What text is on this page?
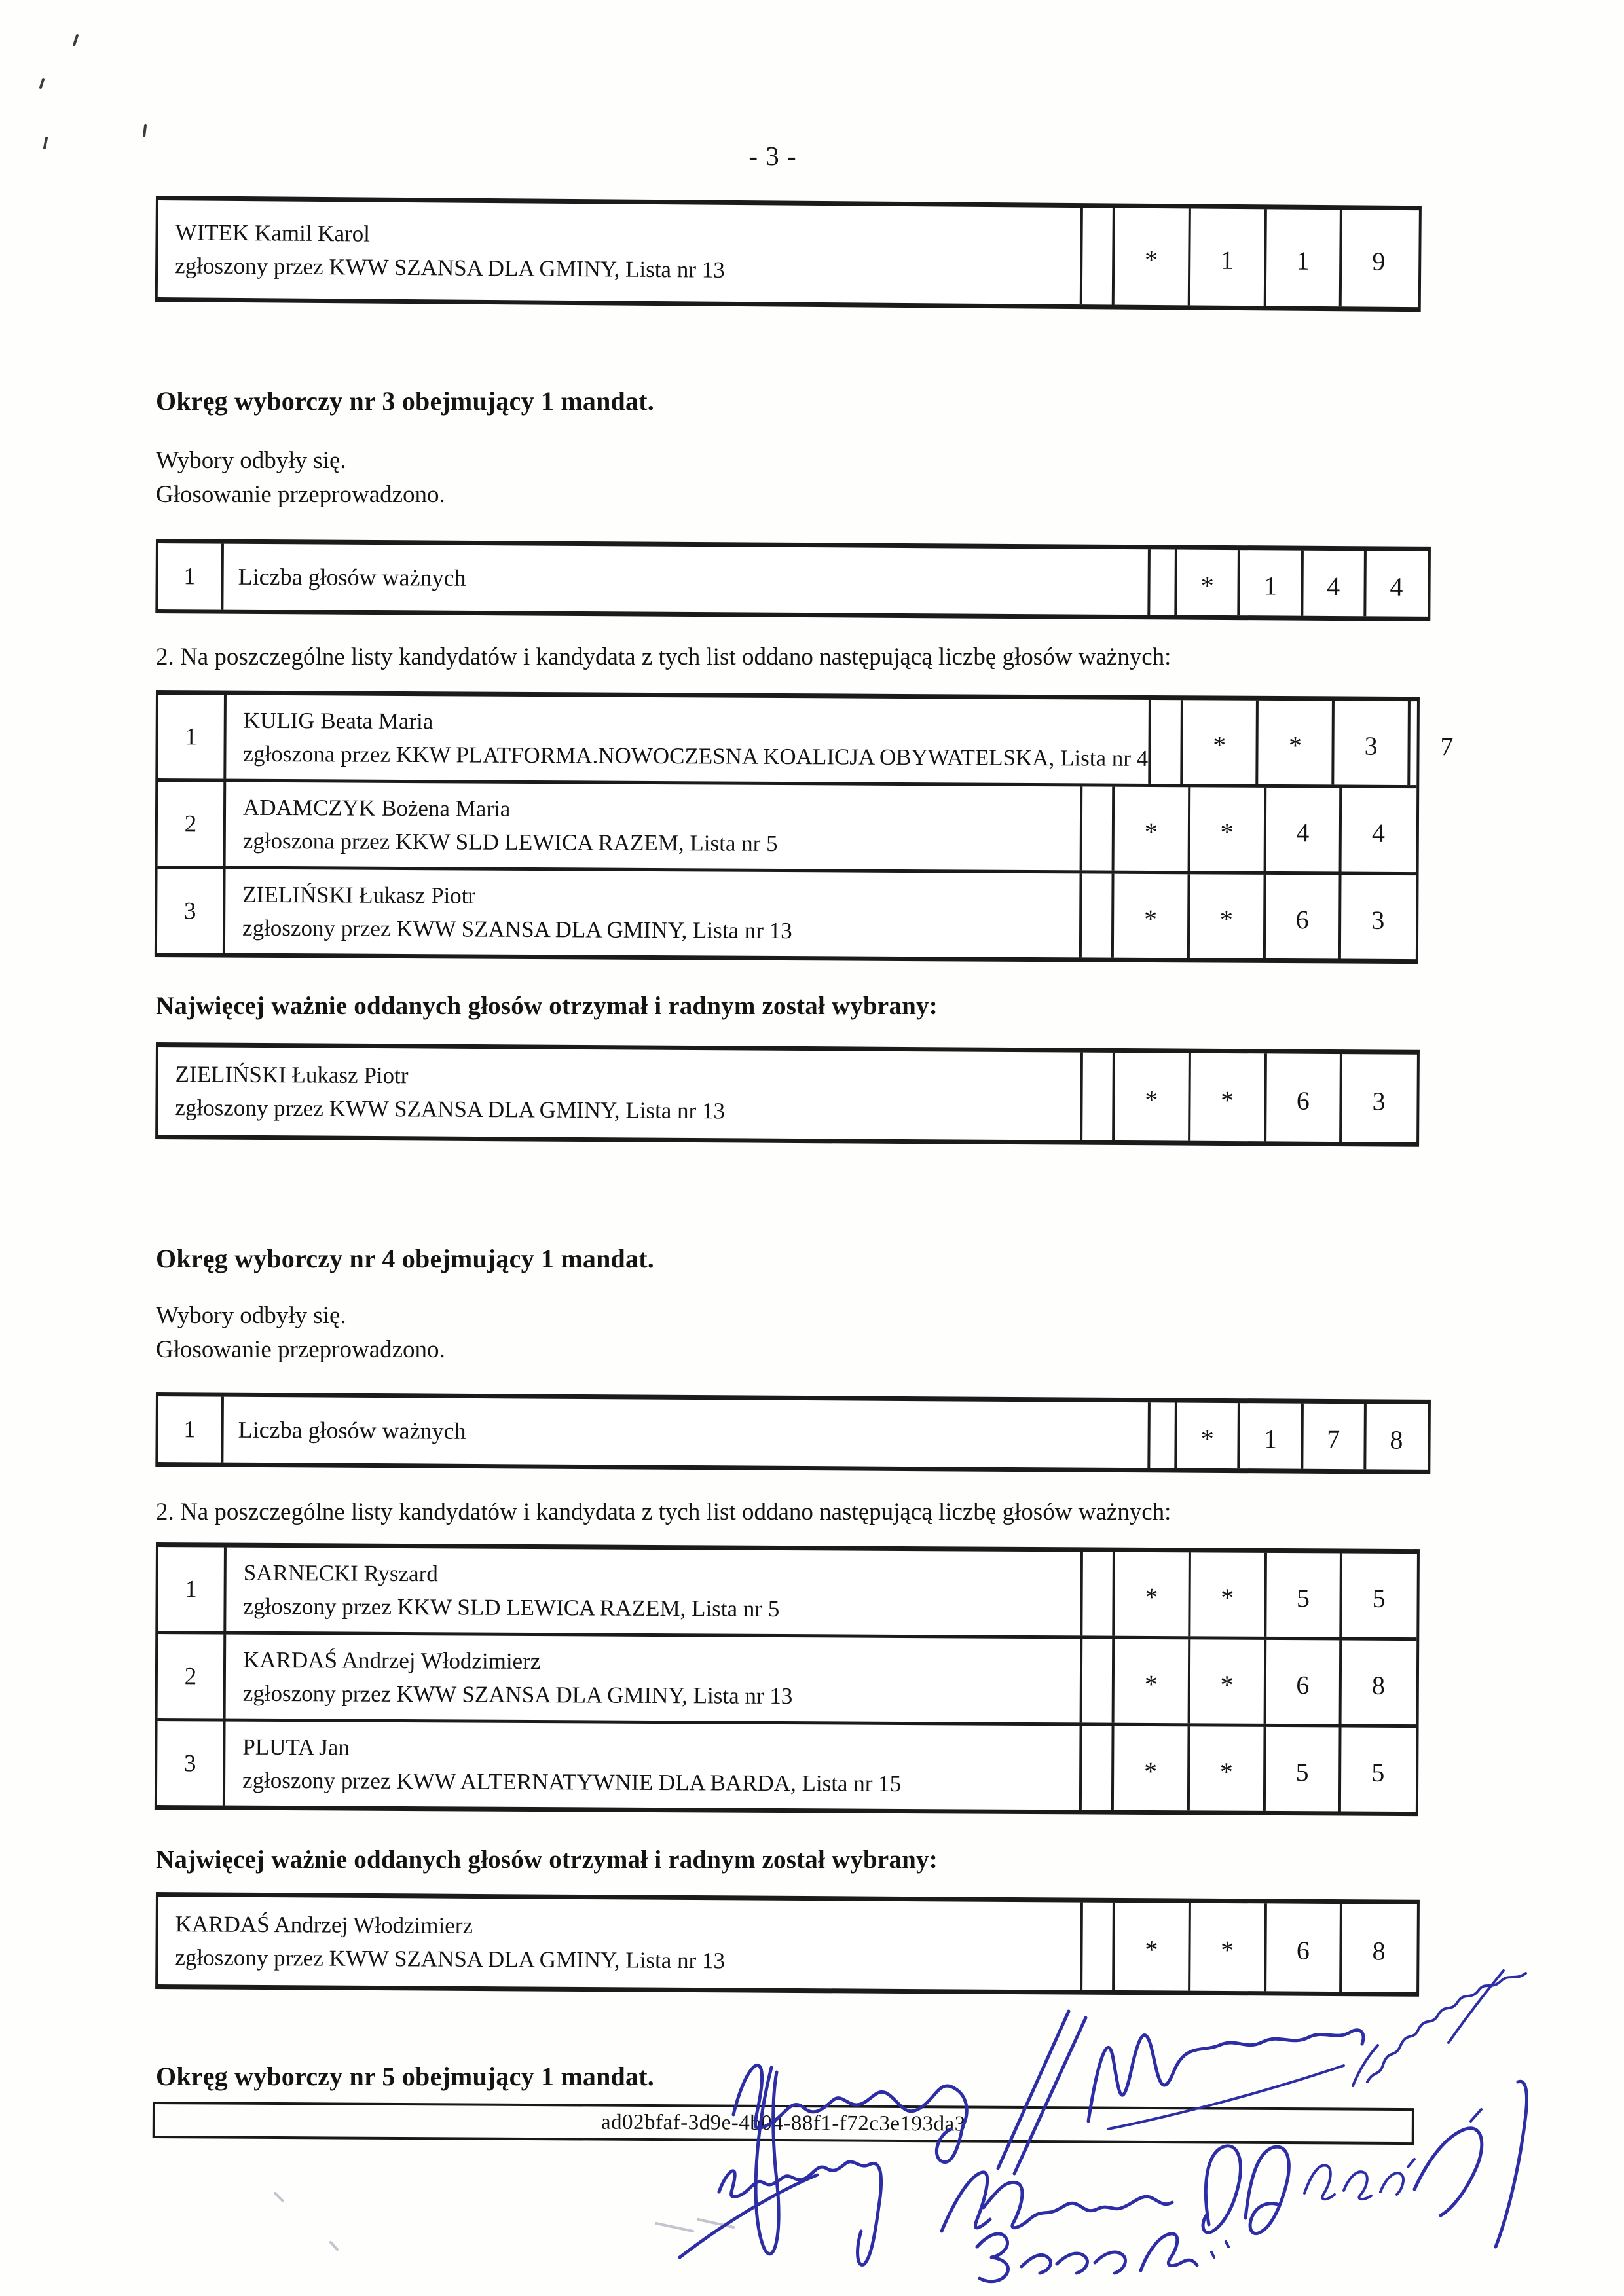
- 3 -
WITEK Kamil Karol
zgłoszony przez KWW SZANSA DLA GMINY, Lista nr 13	* 1 1 9
Okręg wyborczy nr 3 obejmujący 1 mandat.
Wybory odbyły się.
Głosowanie przeprowadzono.
1	Liczba głosów ważnych	* 1 4 4
2. Na poszczególne listy kandydatów i kandydata z tych list oddano następującą liczbę głosów ważnych:
1
KULIG Beata Maria
zgłoszona przez KKW PLATFORMA.NOWOCZESNA KOALICJA OBYWATELSKA, Lista nr 4 * * 3 7
2
ADAMCZYK Bożena Maria
zgłoszona przez KKW SLD LEWICA RAZEM, Lista nr 5	* * 4 4
3
ZIELIŃSKI Łukasz Piotr
zgłoszony przez KWW SZANSA DLA GMINY, Lista nr 13	* * 6 3
Najwięcej ważnie oddanych głosów otrzymał i radnym został wybrany:
ZIELIŃSKI Łukasz Piotr
zgłoszony przez KWW SZANSA DLA GMINY, Lista nr 13	* * 6 3
Okręg wyborczy nr 4 obejmujący 1 mandat.
Wybory odbyły się.
Głosowanie przeprowadzono.
1	Liczba głosów ważnych	* 1 7 8
2. Na poszczególne listy kandydatów i kandydata z tych list oddano następującą liczbę głosów ważnych:
1
SARNECKI Ryszard
zgłoszony przez KKW SLD LEWICA RAZEM, Lista nr 5	* * 5 5
2
KARDAŚ Andrzej Włodzimierz
zgłoszony przez KWW SZANSA DLA GMINY, Lista nr 13	* * 6 8
3
PLUTA Jan
zgłoszony przez KWW ALTERNATYWNIE DLA BARDA, Lista nr 15	* * 5 5
Najwięcej ważnie oddanych głosów otrzymał i radnym został wybrany:
KARDAŚ Andrzej Włodzimierz
zgłoszony przez KWW SZANSA DLA GMINY, Lista nr 13	* * 6 8
Okręg wyborczy nr 5 obejmujący 1 mandat.
ad02bfaf-3d9e-4b04-88f1-f72c3e193da3
